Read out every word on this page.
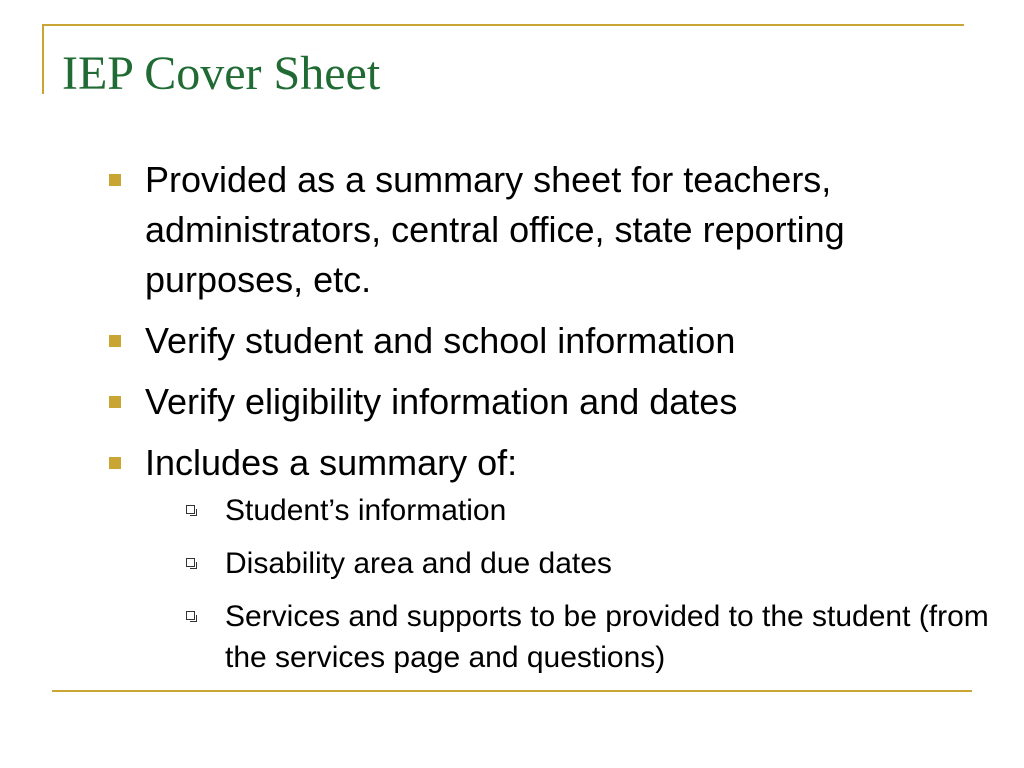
IEP Cover Sheet
Provided as a summary sheet for teachers, administrators, central office, state reporting purposes, etc.
Verify student and school information
Verify eligibility information and dates
Includes a summary of:
Student’s information
Disability area and due dates
Services and supports to be provided to the student (from the services page and questions)
